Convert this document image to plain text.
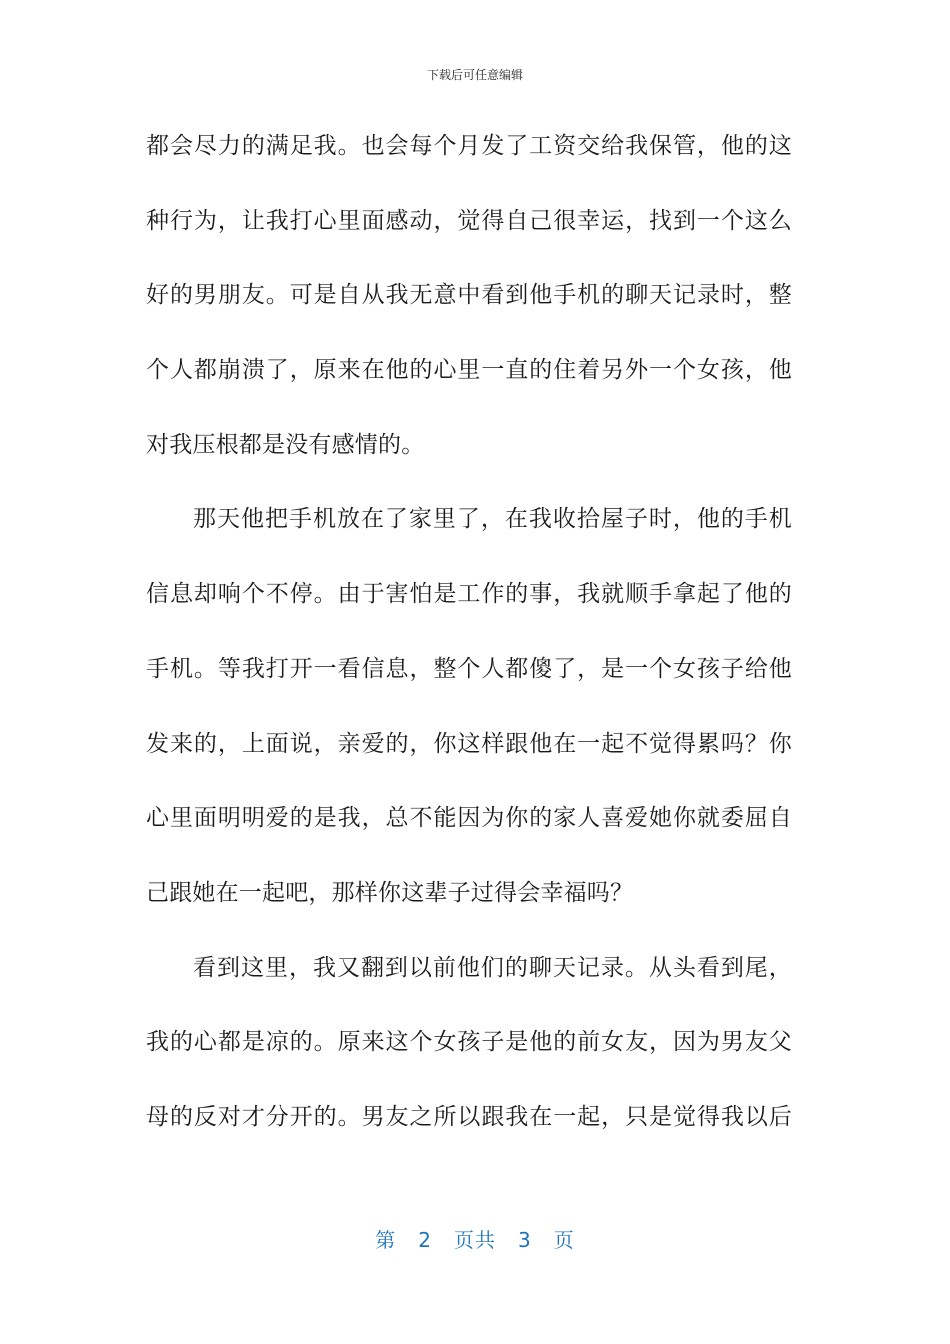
下载后可任意编辑
都会尽力的满足我。也会每个月发了工资交给我保管，他的这
种行为，让我打心里面感动，觉得自己很幸运，找到一个这么
好的男朋友。可是自从我无意中看到他手机的聊天记录时，整
个人都崩溃了，原来在他的心里一直的住着另外一个女孩，他
对我压根都是没有感情的。
那天他把手机放在了家里了，在我收拾屋子时，他的手机
信息却响个不停。由于害怕是工作的事，我就顺手拿起了他的
手机。等我打开一看信息，整个人都傻了，是一个女孩子给他
发来的，上面说，亲爱的，你这样跟他在一起不觉得累吗？你
心里面明明爱的是我，总不能因为你的家人喜爱她你就委屈自
己跟她在一起吧，那样你这辈子过得会幸福吗？
看到这里，我又翻到以前他们的聊天记录。从头看到尾，
我的心都是凉的。原来这个女孩子是他的前女友，因为男友父
母的反对才分开的。男友之所以跟我在一起，只是觉得我以后
第 2 页共 3 页
